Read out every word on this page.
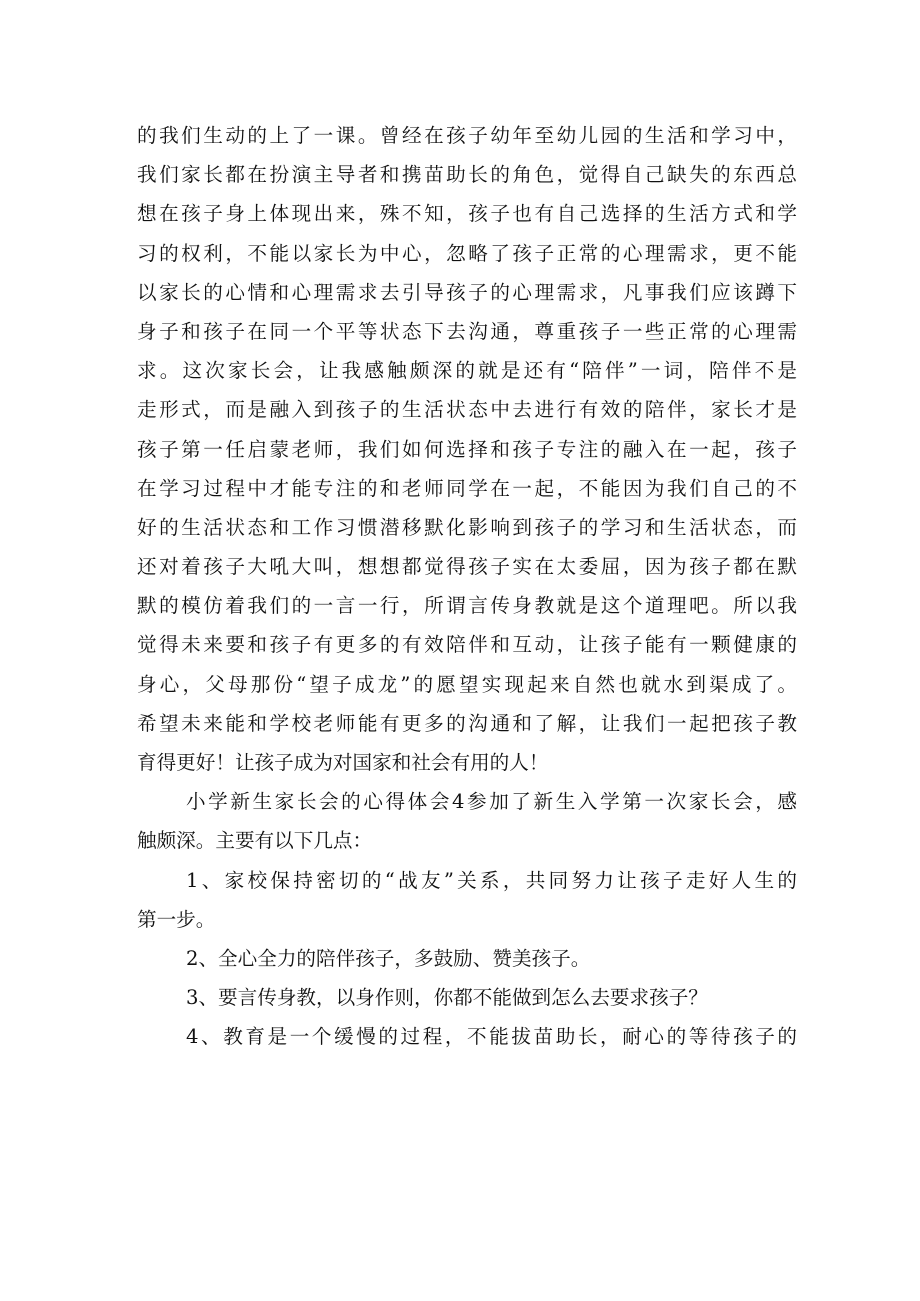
的我们生动的上了一课。曾经在孩子幼年至幼儿园的生活和学习中，
我们家长都在扮演主导者和携苗助长的角色，觉得自己缺失的东西总
想在孩子身上体现出来，殊不知，孩子也有自己选择的生活方式和学
习的权利，不能以家长为中心，忽略了孩子正常的心理需求，更不能
以家长的心情和心理需求去引导孩子的心理需求，凡事我们应该蹲下
身子和孩子在同一个平等状态下去沟通，尊重孩子一些正常的心理需
求。这次家长会，让我感触颇深的就是还有“陪伴”一词，陪伴不是
走形式，而是融入到孩子的生活状态中去进行有效的陪伴，家长才是
孩子第一任启蒙老师，我们如何选择和孩子专注的融入在一起，孩子
在学习过程中才能专注的和老师同学在一起，不能因为我们自己的不
好的生活状态和工作习惯潜移默化影响到孩子的学习和生活状态，而
还对着孩子大吼大叫，想想都觉得孩子实在太委屈，因为孩子都在默
默的模仿着我们的一言一行，所谓言传身教就是这个道理吧。所以我
觉得未来要和孩子有更多的有效陪伴和互动，让孩子能有一颗健康的
身心，父母那份“望子成龙”的愿望实现起来自然也就水到渠成了。
希望未来能和学校老师能有更多的沟通和了解，让我们一起把孩子教
育得更好！让孩子成为对国家和社会有用的人！
小学新生家长会的心得体会4参加了新生入学第一次家长会，感
触颇深。主要有以下几点：
1、家校保持密切的“战友”关系，共同努力让孩子走好人生的
第一步。
2、全心全力的陪伴孩子，多鼓励、赞美孩子。
3、要言传身教，以身作则，你都不能做到怎么去要求孩子？
4、教育是一个缓慢的过程，不能拔苗助长，耐心的等待孩子的
